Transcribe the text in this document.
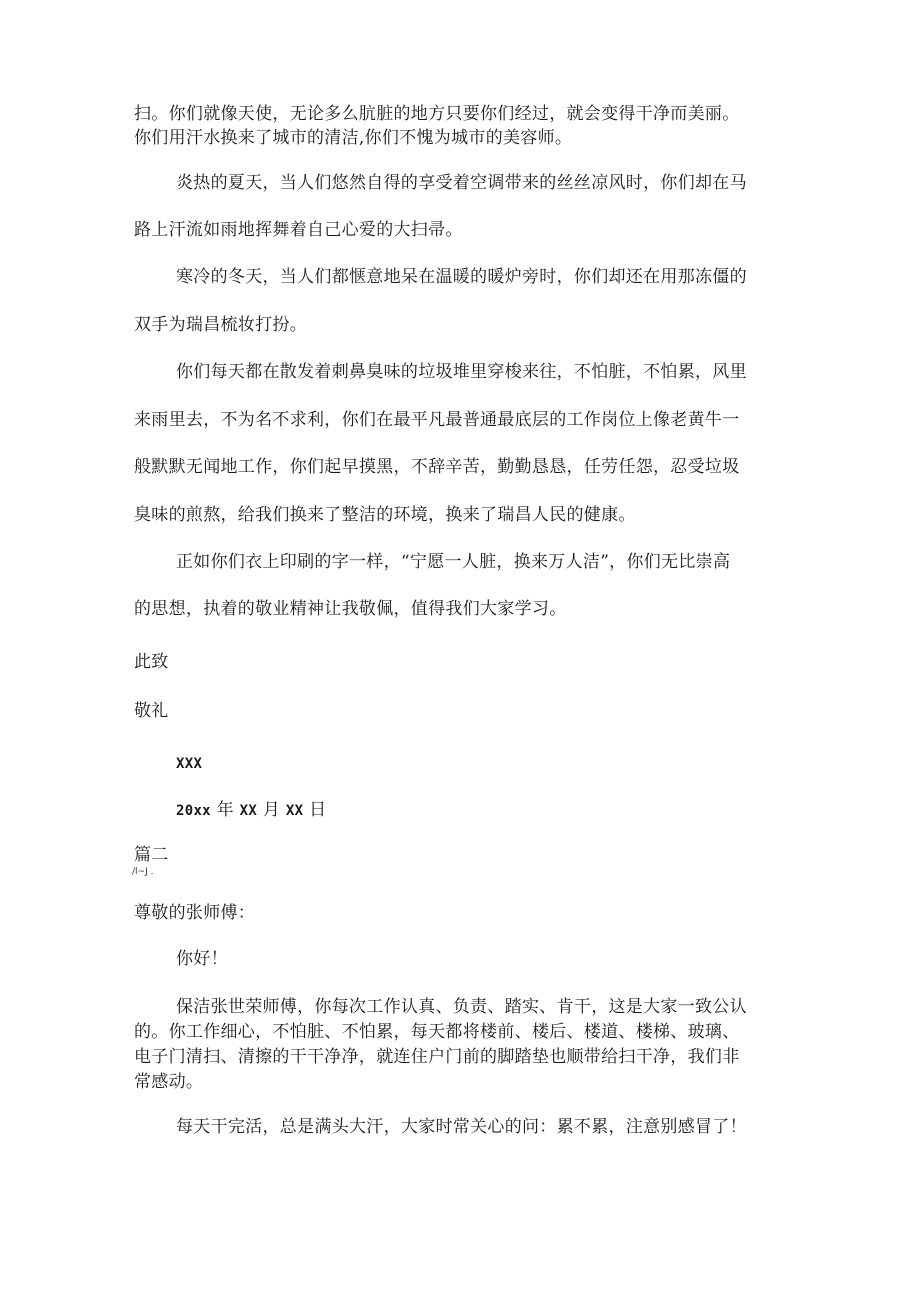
扫。你们就像天使，无论多么肮脏的地方只要你们经过，就会变得干净而美丽。
你们用汗水换来了城市的清洁,你们不愧为城市的美容师。
炎热的夏天，当人们悠然自得的享受着空调带来的丝丝凉风时，你们却在马
路上汗流如雨地挥舞着自己心爱的大扫帚。
寒冷的冬天，当人们都惬意地呆在温暖的暖炉旁时，你们却还在用那冻僵的
双手为瑞昌梳妆打扮。
你们每天都在散发着刺鼻臭味的垃圾堆里穿梭来往，不怕脏，不怕累，风里
来雨里去，不为名不求利，你们在最平凡最普通最底层的工作岗位上像老黄牛一
般默默无闻地工作，你们起早摸黑，不辞辛苦，勤勤恳恳，任劳任怨，忍受垃圾
臭味的煎熬，给我们换来了整洁的环境，换来了瑞昌人民的健康。
正如你们衣上印刷的字一样，“宁愿一人脏，换来万人洁”，你们无比崇高
的思想，执着的敬业精神让我敬佩，值得我们大家学习。
此致
敬礼
XXX
20xx 年 XX 月 XX 日
篇二
/l~J .
尊敬的张师傅：
你好！
保洁张世荣师傅，你每次工作认真、负责、踏实、肯干，这是大家一致公认
的。你工作细心，不怕脏、不怕累，每天都将楼前、楼后、楼道、楼梯、玻璃、
电子门清扫、清擦的干干净净，就连住户门前的脚踏垫也顺带给扫干净，我们非
常感动。
每天干完活，总是满头大汗，大家时常关心的问：累不累，注意别感冒了！
